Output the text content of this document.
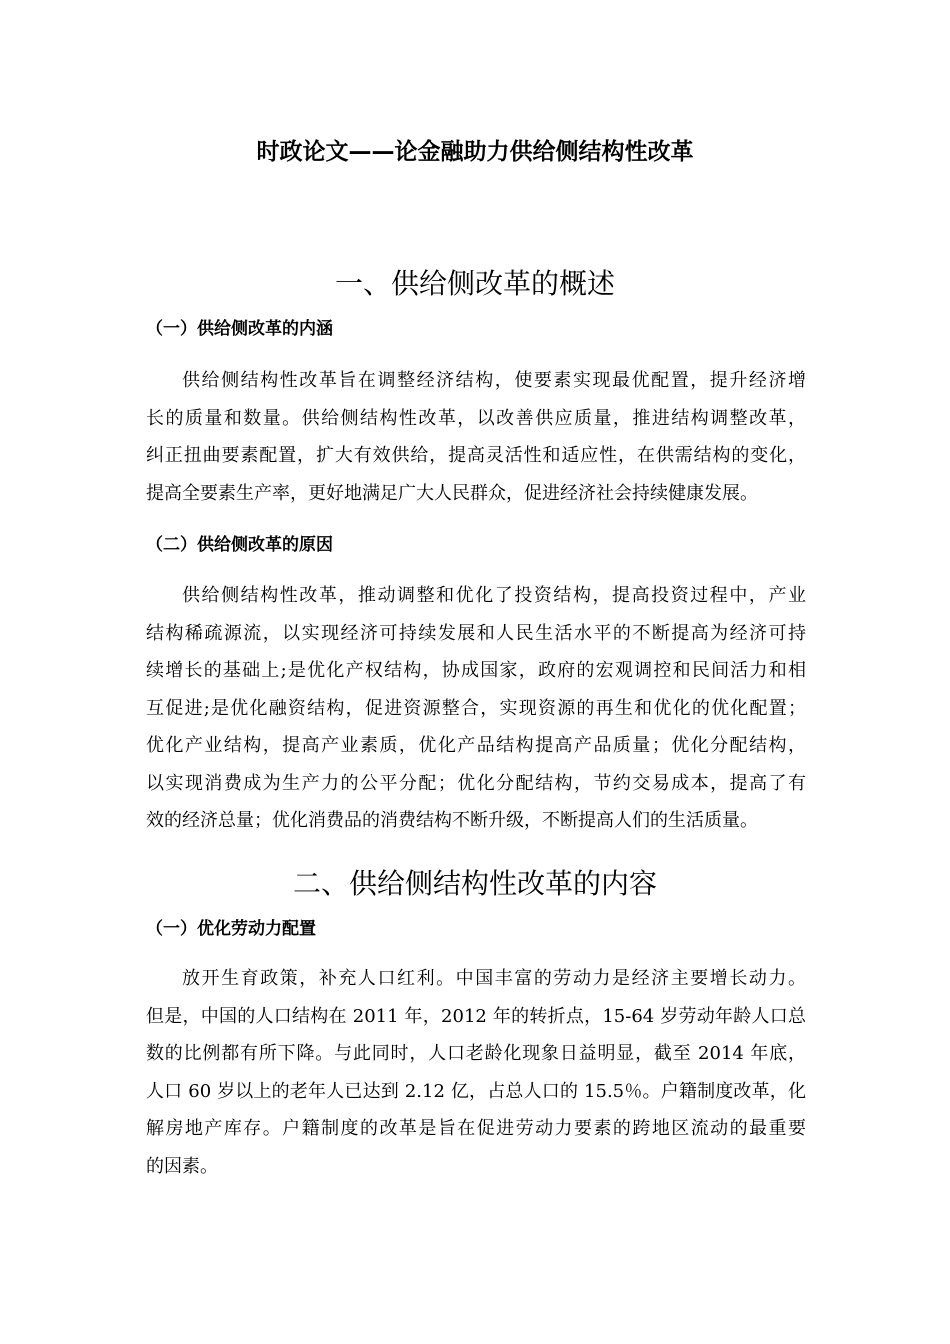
时政论文——论金融助力供给侧结构性改革
一、供给侧改革的概述
（一）供给侧改革的内涵
供给侧结构性改革旨在调整经济结构，使要素实现最优配置，提升经济增
长的质量和数量。供给侧结构性改革，以改善供应质量，推进结构调整改革，
纠正扭曲要素配置，扩大有效供给，提高灵活性和适应性，在供需结构的变化，
提高全要素生产率，更好地满足广大人民群众，促进经济社会持续健康发展。
（二）供给侧改革的原因
供给侧结构性改革，推动调整和优化了投资结构，提高投资过程中，产业
结构稀疏源流，以实现经济可持续发展和人民生活水平的不断提高为经济可持
续增长的基础上;是优化产权结构，协成国家，政府的宏观调控和民间活力和相
互促进;是优化融资结构，促进资源整合，实现资源的再生和优化的优化配置；
优化产业结构，提高产业素质，优化产品结构提高产品质量；优化分配结构，
以实现消费成为生产力的公平分配；优化分配结构，节约交易成本，提高了有
效的经济总量；优化消费品的消费结构不断升级，不断提高人们的生活质量。
二、供给侧结构性改革的内容
（一）优化劳动力配置
放开生育政策，补充人口红利。中国丰富的劳动力是经济主要增长动力。
但是，中国的人口结构在 2011 年，2012 年的转折点，15-64 岁劳动年龄人口总
数的比例都有所下降。与此同时，人口老龄化现象日益明显，截至 2014 年底，
人口 60 岁以上的老年人已达到 2.12 亿，占总人口的 15.5％。户籍制度改革，化
解房地产库存。户籍制度的改革是旨在促进劳动力要素的跨地区流动的最重要
的因素。
